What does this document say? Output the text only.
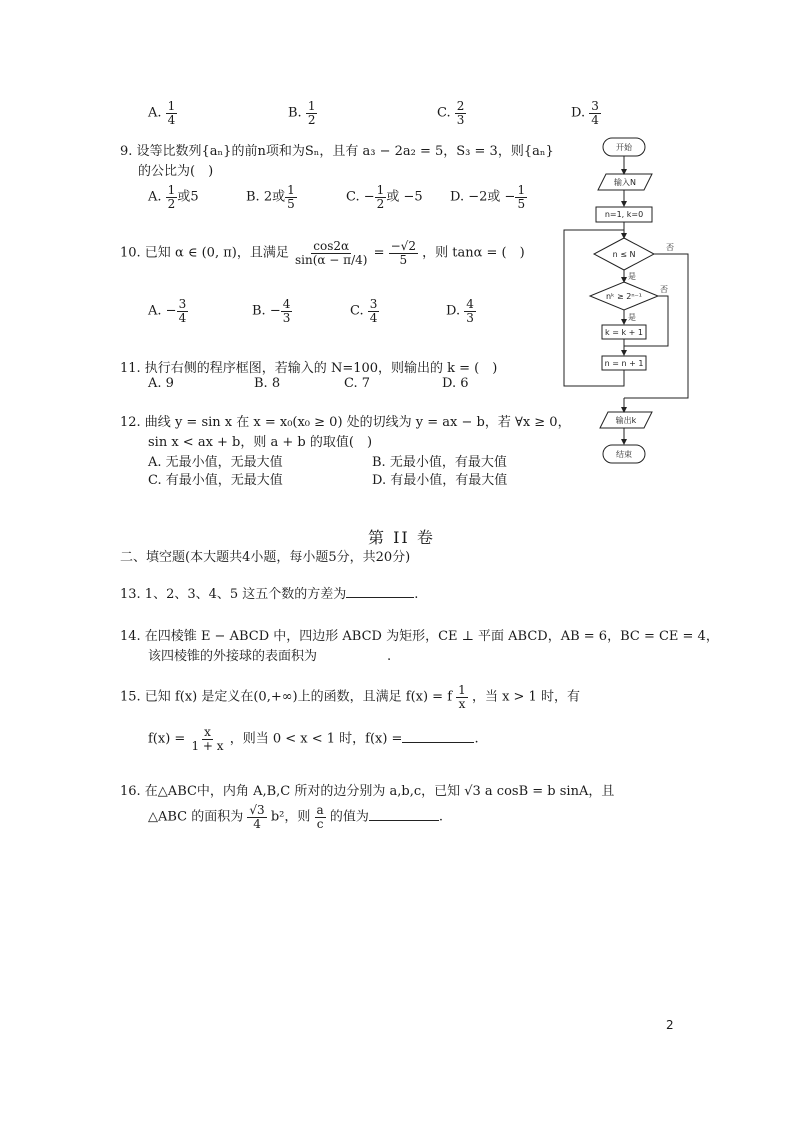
A. $\frac{1}{4}$	B. $\frac{1}{2}$	C. $\frac{2}{3}$	D. $\frac{3}{4}$
9. 设等比数列{aₙ}的前n项和为Sₙ，且有 a₃ − 2a₂ = 5，S₃ = 3，则{aₙ}
的公比为(　)
A. $\frac{1}{2}$ 或5	B. 2或 $\frac{1}{5}$	C. − $\frac{1}{2}$ 或 −5 D. −2或 − $\frac{1}{5}$
10. 已知 α ∈ (0, π)，且满足 $\frac{\cos 2\alpha}{\sin(\alpha - \pi/4)} = \frac{-√2}{5}$ ，则 tanα = (　)
A. − $\frac{3}{4}$	B. − $\frac{4}{3}$	C. $\frac{3}{4}$	D. $\frac{4}{3}$
11. 执行右侧的程序框图，若输入的 N=100，则输出的 k = (　)
A. 9	B. 8	C. 7	D. 6
12. 曲线 y = sin x 在 x = x₀(x₀ ≥ 0) 处的切线为 y = ax − b，若 ∀x ≥ 0，
sin x < ax + b，则 a + b 的取值(　)
A. 无最小值，无最大值	B. 无最小值，有最大值
C. 有最小值，无最大值	D. 有最小值，有最大值
开始
输入N
n=1, k=0
n ≤ N
是
否
nᵏ ≥ 2ⁿ⁻¹
是
否
k = k + 1
n = n + 1
输出k
结束
第 II 卷
二、填空题(本大题共4小题，每小题5分，共20分)
13. 1、2、3、4、5 这五个数的方差为	.
14. 在四棱锥 E − ABCD 中，四边形 ABCD 为矩形，CE ⊥ 平面 ABCD，AB = 6，BC = CE = 4，
该四棱锥的外接球的表面积为	.
15. 已知 f(x) 是定义在(0,+∞)上的函数，且满足 f(x) = f $\frac{1}{x}$ ，当 x > 1 时，有
$f(x) = \frac{x}{1 + x}$ ，则当 0 < x < 1 时，f(x) =	.
16. 在△ABC中，内角 A,B,C 所对的边分别为 a,b,c，已知 √3 a cosB = b sinA，且
△ABC 的面积为 $\frac{√3}{4} b^2$，则 $\frac{a}{c}$ 的值为	.
2
